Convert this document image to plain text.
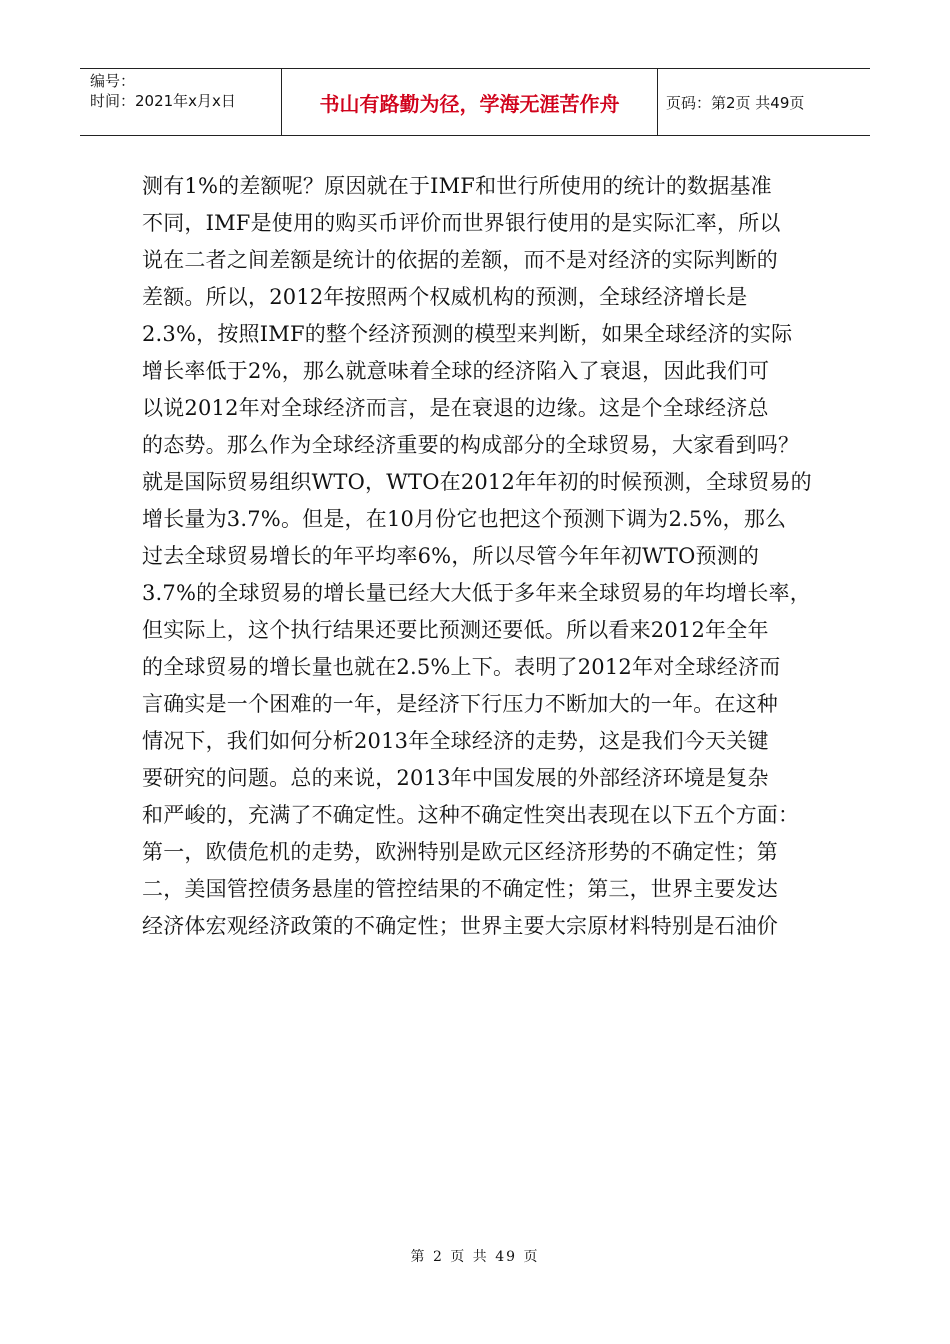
编号：
时间：2021年x月x日	书山有路勤为径，学海无涯苦作舟	页码：第2页 共49页
测有1%的差额呢？原因就在于IMF和世行所使用的统计的数据基准
不同，IMF是使用的购买币评价而世界银行使用的是实际汇率，所以
说在二者之间差额是统计的依据的差额，而不是对经济的实际判断的
差额。所以，2012年按照两个权威机构的预测，全球经济增长是
2.3%，按照IMF的整个经济预测的模型来判断，如果全球经济的实际
增长率低于2%，那么就意味着全球的经济陷入了衰退，因此我们可
以说2012年对全球经济而言，是在衰退的边缘。这是个全球经济总
的态势。那么作为全球经济重要的构成部分的全球贸易，大家看到吗？
就是国际贸易组织WTO，WTO在2012年年初的时候预测，全球贸易的
增长量为3.7%。但是，在10月份它也把这个预测下调为2.5%，那么
过去全球贸易增长的年平均率6%，所以尽管今年年初WTO预测的
3.7%的全球贸易的增长量已经大大低于多年来全球贸易的年均增长率，
但实际上，这个执行结果还要比预测还要低。所以看来2012年全年
的全球贸易的增长量也就在2.5%上下。表明了2012年对全球经济而
言确实是一个困难的一年，是经济下行压力不断加大的一年。在这种
情况下，我们如何分析2013年全球经济的走势，这是我们今天关键
要研究的问题。总的来说，2013年中国发展的外部经济环境是复杂
和严峻的，充满了不确定性。这种不确定性突出表现在以下五个方面：
第一，欧债危机的走势，欧洲特别是欧元区经济形势的不确定性；第
二，美国管控债务悬崖的管控结果的不确定性；第三，世界主要发达
经济体宏观经济政策的不确定性；世界主要大宗原材料特别是石油价
第 2 页 共 49 页
